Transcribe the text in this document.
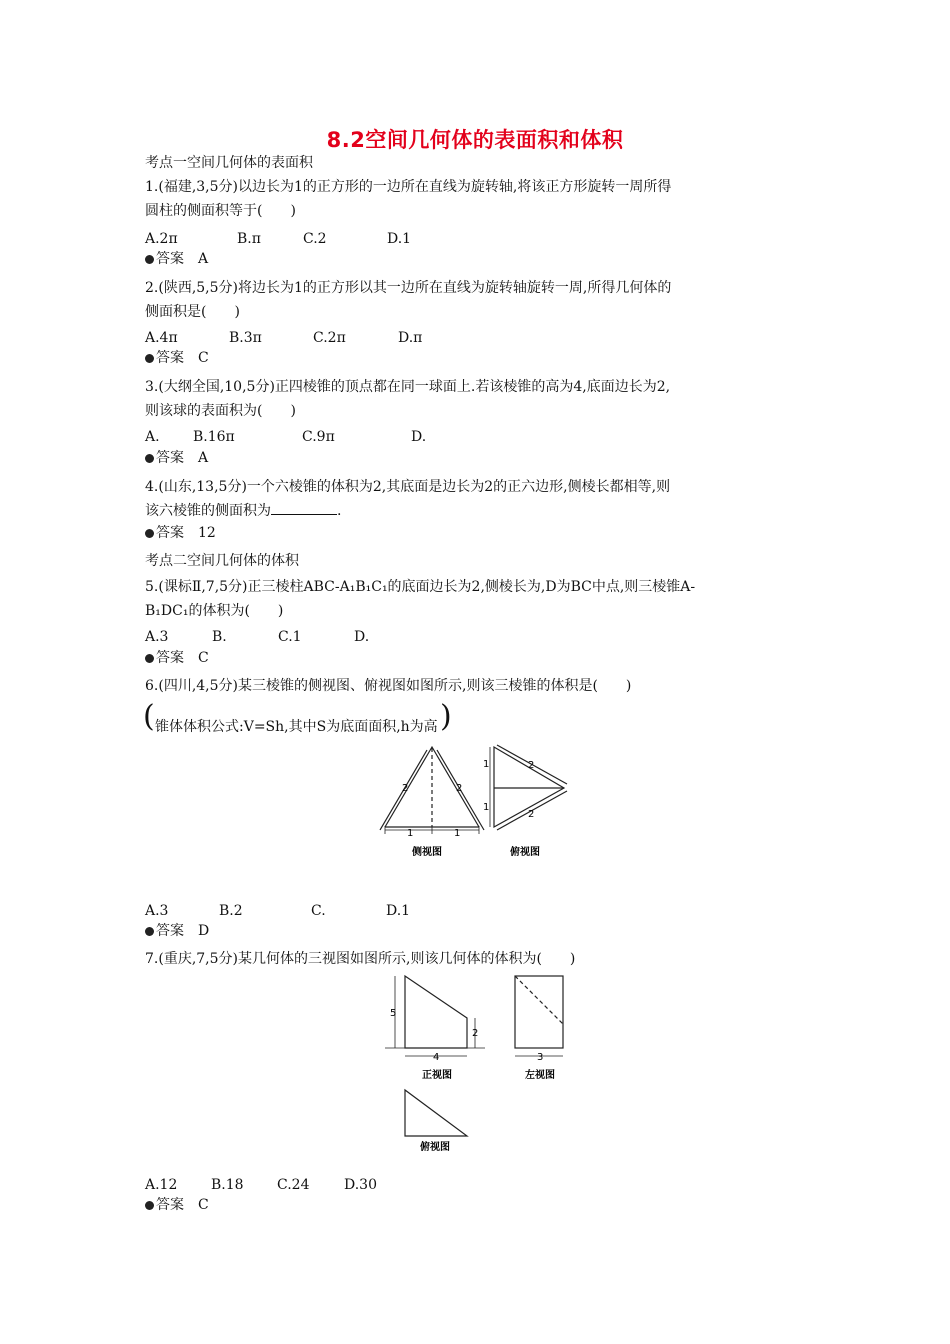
8.2空间几何体的表面积和体积
考点一空间几何体的表面积
1.(福建,3,5分)以边长为1的正方形的一边所在直线为旋转轴,将该正方形旋转一周所得
圆柱的侧面积等于(　　)
A.2π	B.π	C.2	D.1
答案 A
2.(陕西,5,5分)将边长为1的正方形以其一边所在直线为旋转轴旋转一周,所得几何体的
侧面积是(　　)
A.4π	B.3π	C.2π	D.π
答案 C
3.(大纲全国,10,5分)正四棱锥的顶点都在同一球面上.若该棱锥的高为4,底面边长为2,
则该球的表面积为(　　)
A. B.16π	C.9π	D.
答案 A
4.(山东,13,5分)一个六棱锥的体积为2,其底面是边长为2的正六边形,侧棱长都相等,则
该六棱锥的侧面积为	.
答案 12
考点二空间几何体的体积
5.(课标Ⅱ,7,5分)正三棱柱ABC-A₁B₁C₁的底面边长为2,侧棱长为,D为BC中点,则三棱锥A-
B₁DC₁的体积为(　　)
A.3	B.	C.1	D.
答案 C
6.(四川,4,5分)某三棱锥的侧视图、俯视图如图所示,则该三棱锥的体积是(　　)
( 锥体体积公式:V=Sh,其中S为底面面积,h为高 )
2	2
1	1
侧视图
1
1
2
2
俯视图
A.3	B.2	C.	D.1
答案 D
7.(重庆,7,5分)某几何体的三视图如图所示,则该几何体的体积为(　　)
5
2
4
正视图
3
左视图
俯视图
A.12 B.18 C.24 D.30
答案 C
